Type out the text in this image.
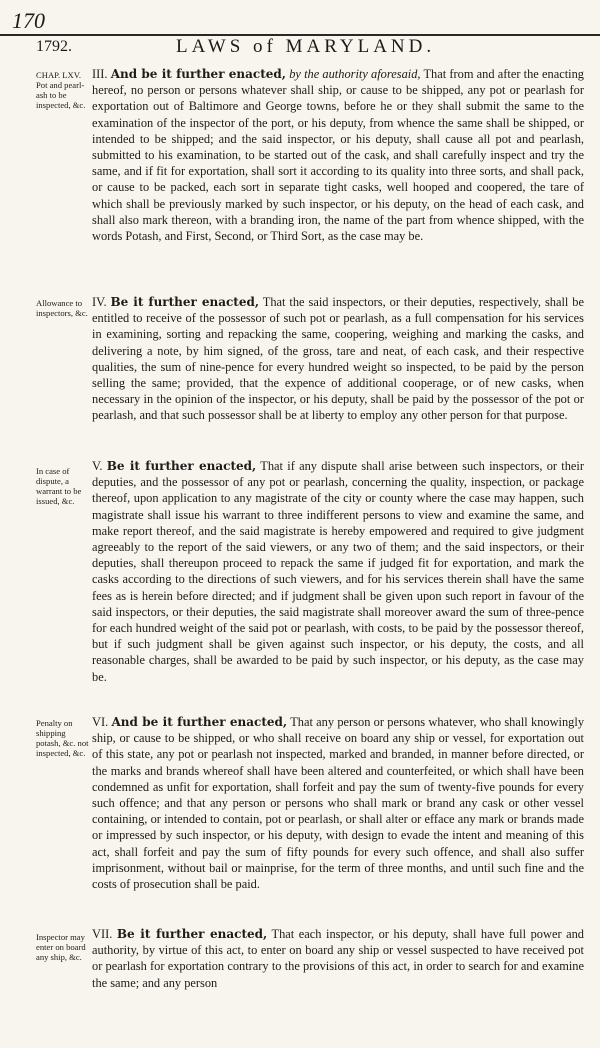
170
1792.	LAWS of MARYLAND.
CHAP. LXV. Pot and pearl-ash to be inspected, &c.
III. And be it further enacted, by the authority aforesaid, That from and after the enacting hereof, no person or persons whatever shall ship, or cause to be shipped, any pot or pearlash for exportation out of Baltimore and George towns, before he or they shall submit the same to the examination of the inspector of the port, or his deputy, from whence the same shall be shipped, or intended to be shipped; and the said inspector, or his deputy, shall cause all pot and pearlash, submitted to his examination, to be started out of the cask, and shall carefully inspect and try the same, and if fit for exportation, shall sort it according to its quality into three sorts, and shall pack, or cause to be packed, each sort in separate tight casks, well hooped and coopered, the tare of which shall be previously marked by such inspector, or his deputy, on the head of each cask, and shall also mark thereon, with a branding iron, the name of the part from whence shipped, with the words Potash, and First, Second, or Third Sort, as the case may be.
Allowance to inspectors, &c.
IV. Be it further enacted, That the said inspectors, or their deputies, respectively, shall be entitled to receive of the possessor of such pot or pearlash, as a full compensation for his services in examining, sorting and repacking the same, coopering, weighing and marking the casks, and delivering a note, by him signed, of the gross, tare and neat, of each cask, and their respective qualities, the sum of nine-pence for every hundred weight so inspected, to be paid by the person selling the same; provided, that the expence of additional cooperage, or of new casks, when necessary in the opinion of the inspector, or his deputy, shall be paid by the possessor of the pot or pearlash, and that such possessor shall be at liberty to employ any other person for that purpose.
In case of dispute, a warrant to be issued, &c.
V. Be it further enacted, That if any dispute shall arise between such inspectors, or their deputies, and the possessor of any pot or pearlash, concerning the quality, inspection, or package thereof, upon application to any magistrate of the city or county where the case may happen, such magistrate shall issue his warrant to three indifferent persons to view and examine the same, and make report thereof, and the said magistrate is hereby empowered and required to give judgment agreeably to the report of the said viewers, or any two of them; and the said inspectors, or their deputies, shall thereupon proceed to repack the same if judged fit for exportation, and mark the casks according to the directions of such viewers, and for his services therein shall have the same fees as is herein before directed; and if judgment shall be given upon such report in favour of the said inspectors, or their deputies, the said magistrate shall moreover award the sum of three-pence for each hundred weight of the said pot or pearlash, with costs, to be paid by the possessor thereof, but if such judgment shall be given against such inspector, or his deputy, the costs, and all reasonable charges, shall be awarded to be paid by such inspector, or his deputy, as the case may be.
Penalty on shipping potash, &c. not inspected, &c.
VI. And be it further enacted, That any person or persons whatever, who shall knowingly ship, or cause to be shipped, or who shall receive on board any ship or vessel, for exportation out of this state, any pot or pearlash not inspected, marked and branded, in manner before directed, or the marks and brands whereof shall have been altered and counterfeited, or which shall have been condemned as unfit for exportation, shall forfeit and pay the sum of twenty-five pounds for every such offence; and that any person or persons who shall mark or brand any cask or other vessel containing, or intended to contain, pot or pearlash, or shall alter or efface any mark or brands made or impressed by such inspector, or his deputy, with design to evade the intent and meaning of this act, shall forfeit and pay the sum of fifty pounds for every such offence, and shall also suffer imprisonment, without bail or mainprise, for the term of three months, and until such fine and the costs of prosecution shall be paid.
Inspector may enter on board any ship, &c.
VII. Be it further enacted, That each inspector, or his deputy, shall have full power and authority, by virtue of this act, to enter on board any ship or vessel suspected to have received pot or pearlash for exportation contrary to the provisions of this act, in order to search for and examine the same; and any person
